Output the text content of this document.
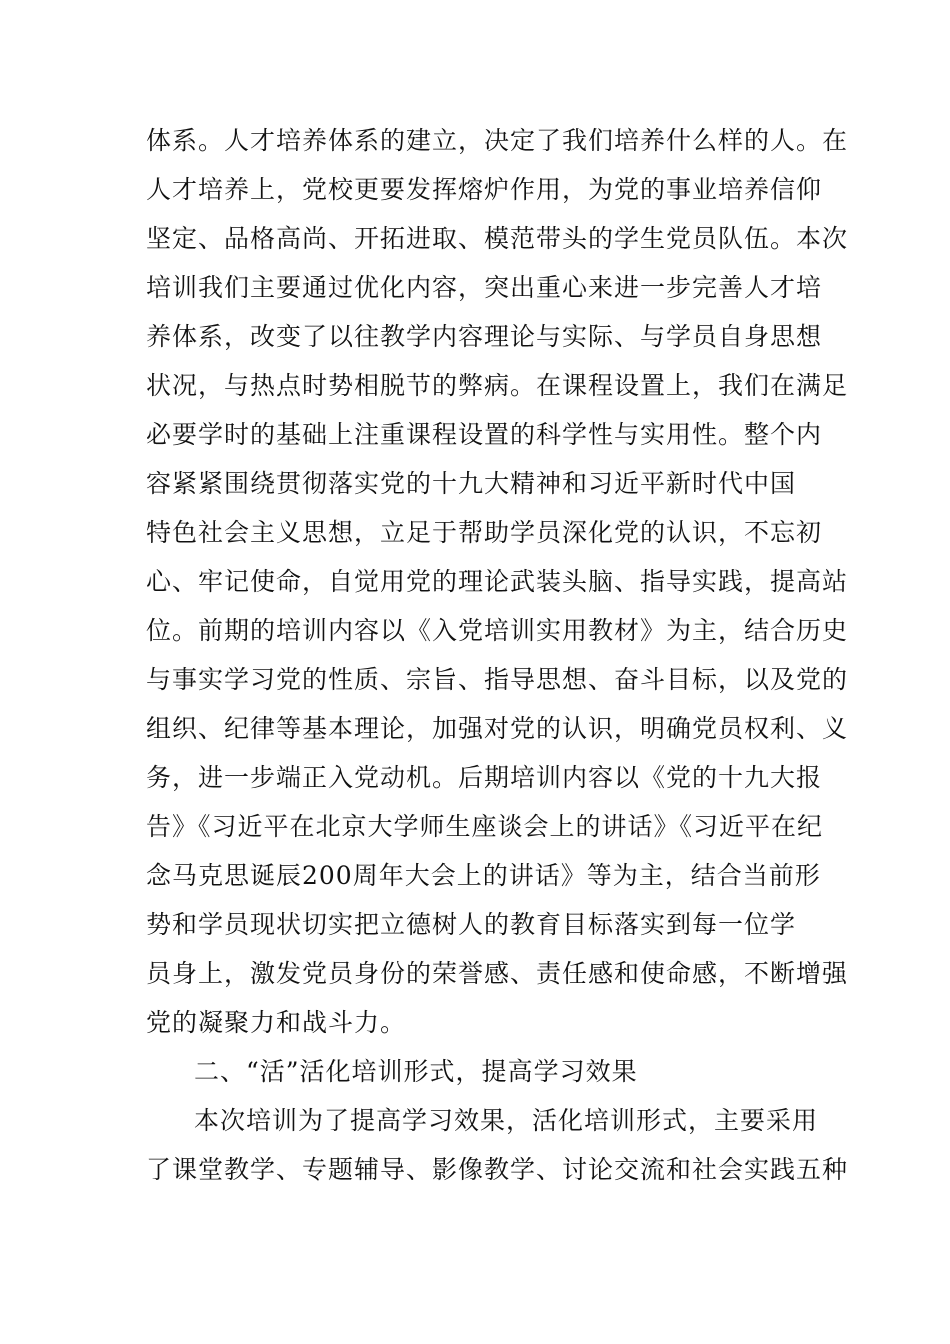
体系。人才培养体系的建立，决定了我们培养什么样的人。在
人才培养上，党校更要发挥熔炉作用，为党的事业培养信仰
坚定、品格高尚、开拓进取、模范带头的学生党员队伍。本次
培训我们主要通过优化内容，突出重心来进一步完善人才培
养体系，改变了以往教学内容理论与实际、与学员自身思想
状况，与热点时势相脱节的弊病。在课程设置上，我们在满足
必要学时的基础上注重课程设置的科学性与实用性。整个内
容紧紧围绕贯彻落实党的十九大精神和习近平新时代中国
特色社会主义思想，立足于帮助学员深化党的认识，不忘初
心、牢记使命，自觉用党的理论武装头脑、指导实践，提高站
位。前期的培训内容以《入党培训实用教材》为主，结合历史
与事实学习党的性质、宗旨、指导思想、奋斗目标，以及党的
组织、纪律等基本理论，加强对党的认识，明确党员权利、义
务，进一步端正入党动机。后期培训内容以《党的十九大报
告》《习近平在北京大学师生座谈会上的讲话》《习近平在纪
念马克思诞辰200周年大会上的讲话》等为主，结合当前形
势和学员现状切实把立德树人的教育目标落实到每一位学
员身上，激发党员身份的荣誉感、责任感和使命感，不断增强
党的凝聚力和战斗力。
二、“活”活化培训形式，提高学习效果
本次培训为了提高学习效果，活化培训形式，主要采用
了课堂教学、专题辅导、影像教学、讨论交流和社会实践五种
